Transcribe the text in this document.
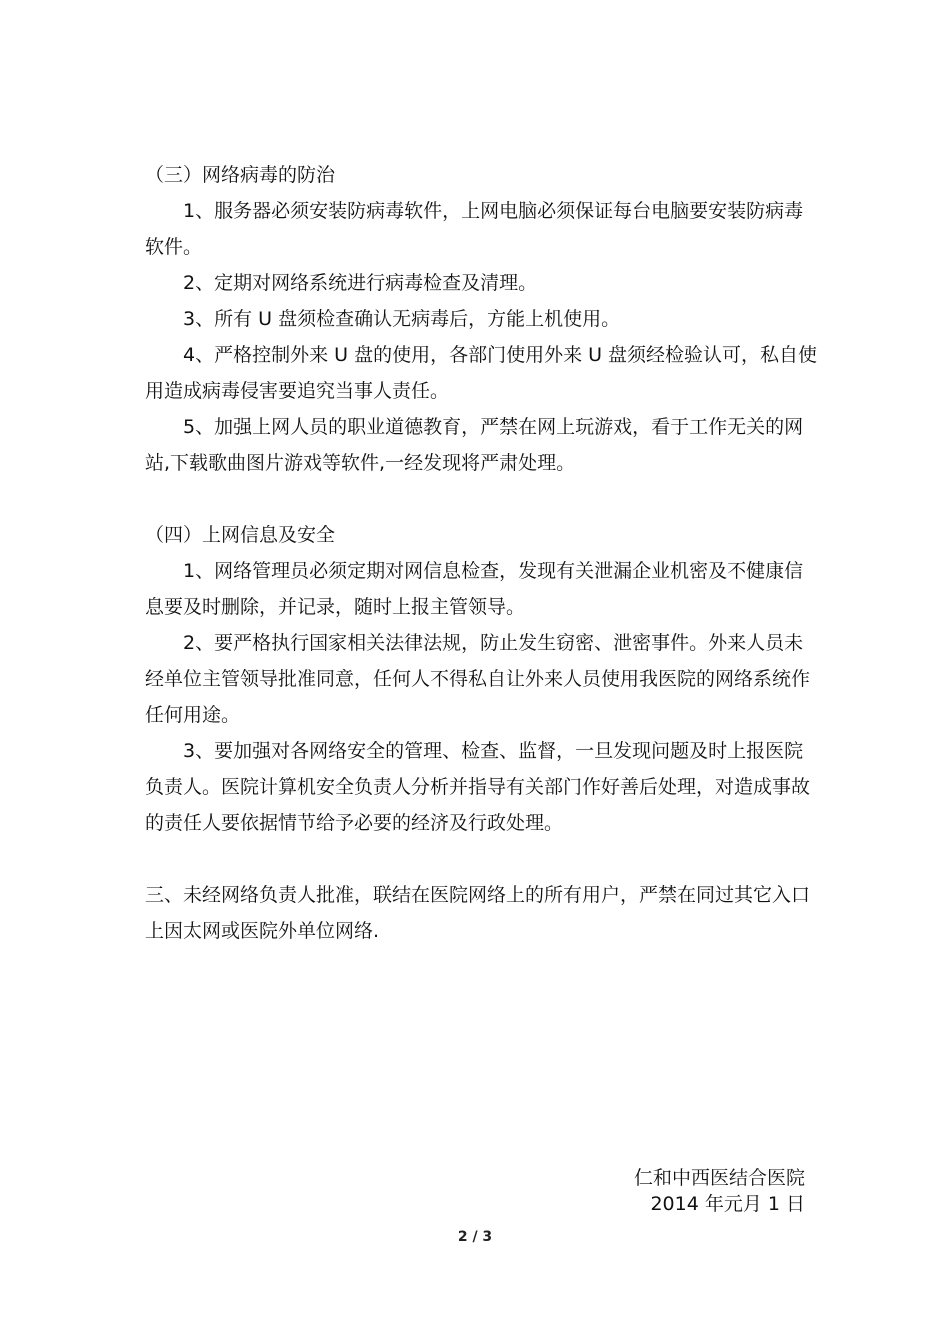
（三）网络病毒的防治

1、服务器必须安装防病毒软件，上网电脑必须保证每台电脑要安装防病毒软件。

2、定期对网络系统进行病毒检查及清理。

3、所有 U 盘须检查确认无病毒后，方能上机使用。

4、严格控制外来 U 盘的使用，各部门使用外来 U 盘须经检验认可，私自使用造成病毒侵害要追究当事人责任。

5、加强上网人员的职业道德教育，严禁在网上玩游戏，看于工作无关的网站,下载歌曲图片游戏等软件,一经发现将严肃处理。

（四）上网信息及安全

1、网络管理员必须定期对网信息检查，发现有关泄漏企业机密及不健康信息要及时删除，并记录，随时上报主管领导。

2、要严格执行国家相关法律法规，防止发生窃密、泄密事件。外来人员未经单位主管领导批准同意，任何人不得私自让外来人员使用我医院的网络系统作任何用途。

3、要加强对各网络安全的管理、检查、监督，一旦发现问题及时上报医院负责人。医院计算机安全负责人分析并指导有关部门作好善后处理，对造成事故的责任人要依据情节给予必要的经济及行政处理。

三、未经网络负责人批准，联结在医院网络上的所有用户，严禁在同过其它入口上因太网或医院外单位网络.

仁和中西医结合医院
2014 年元月 1 日
2 / 3
